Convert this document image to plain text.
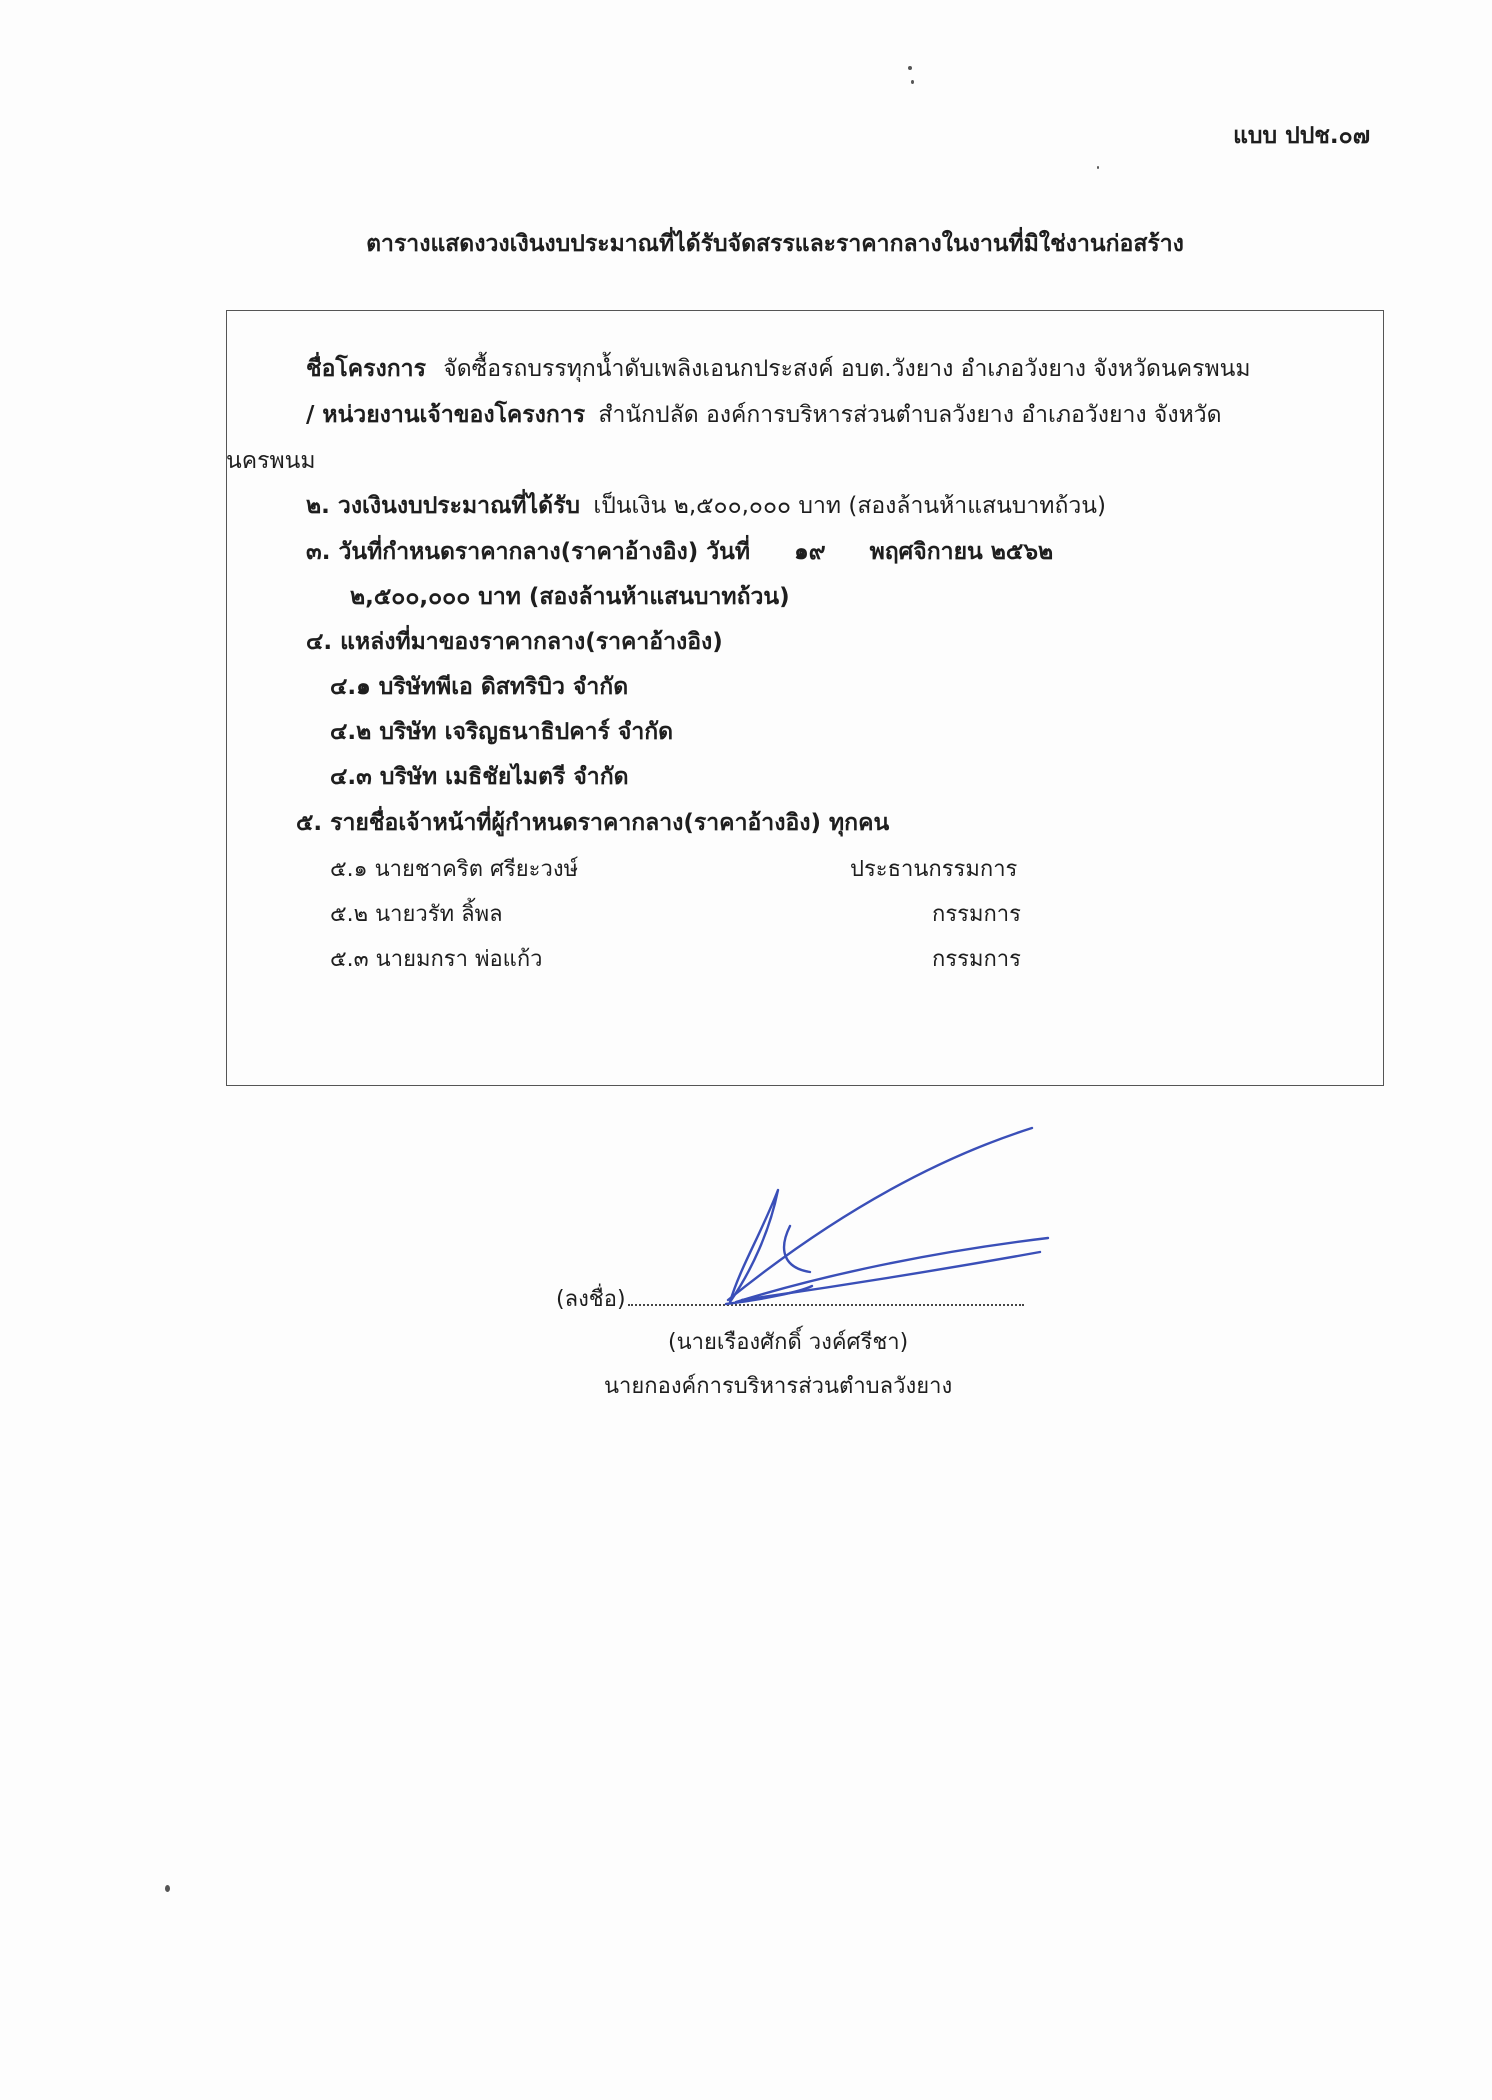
แบบ ปปช.๐๗
ตารางแสดงวงเงินงบประมาณที่ได้รับจัดสรรและราคากลางในงานที่มิใช่งานก่อสร้าง
ชื่อโครงการ จัดซื้อรถบรรทุกน้ำดับเพลิงเอนกประสงค์ อบต.วังยาง อำเภอวังยาง จังหวัดนครพนม
/ หน่วยงานเจ้าของโครงการ สำนักปลัด องค์การบริหารส่วนตำบลวังยาง อำเภอวังยาง จังหวัด
นครพนม
๒. วงเงินงบประมาณที่ได้รับ เป็นเงิน ๒,๕๐๐,๐๐๐ บาท (สองล้านห้าแสนบาทถ้วน)
๓. วันที่กำหนดราคากลาง(ราคาอ้างอิง) วันที่ ๑๙ พฤศจิกายน ๒๕๖๒
๒,๕๐๐,๐๐๐ บาท (สองล้านห้าแสนบาทถ้วน)
๔. แหล่งที่มาของราคากลาง(ราคาอ้างอิง)
๔.๑ บริษัทพีเอ ดิสทริบิว จำกัด
๔.๒ บริษัท เจริญธนาธิปคาร์ จำกัด
๔.๓ บริษัท เมธิชัยไมตรี จำกัด
๕. รายชื่อเจ้าหน้าที่ผู้กำหนดราคากลาง(ราคาอ้างอิง) ทุกคน
๕.๑ นายชาคริต ศรียะวงษ์	ประธานกรรมการ
๕.๒ นายวรัท ลิ้พล	กรรมการ
๕.๓ นายมกรา พ่อแก้ว	กรรมการ
(ลงชื่อ)
(นายเรืองศักดิ์ วงค์ศรีชา)
นายกองค์การบริหารส่วนตำบลวังยาง
